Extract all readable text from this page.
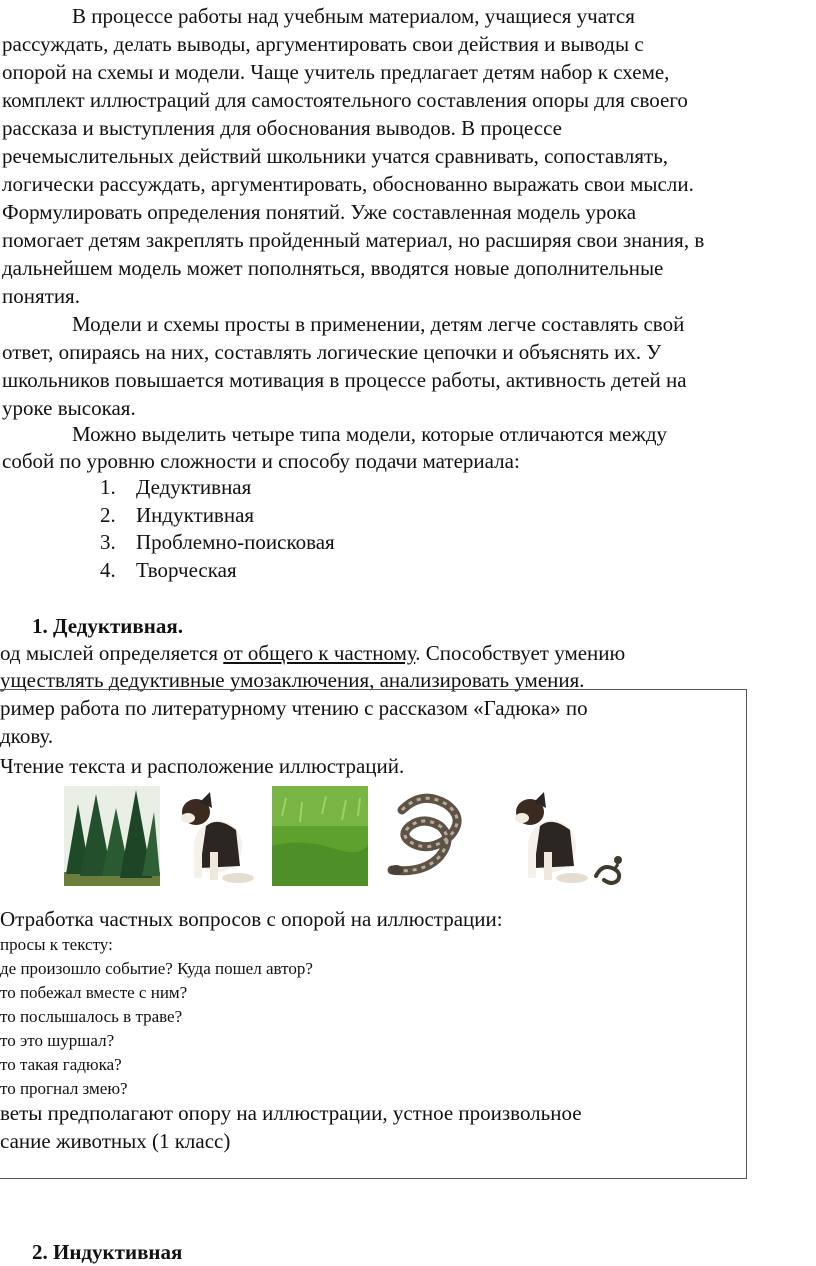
В процессе работы над учебным материалом, учащиеся учатся
рассуждать, делать выводы, аргументировать свои действия и выводы с
опорой на схемы и модели. Чаще учитель предлагает детям набор к схеме,
комплект иллюстраций для самостоятельного составления опоры для своего
рассказа и выступления для обоснования выводов. В процессе
речемыслительных действий школьники учатся сравнивать, сопоставлять,
логически рассуждать, аргументировать, обоснованно выражать свои мысли.
Формулировать определения понятий. Уже составленная модель урока
помогает детям закреплять пройденный материал, но расширяя свои знания, в
дальнейшем модель может пополняться, вводятся новые дополнительные
понятия.
Модели и схемы просты в применении, детям легче составлять свой
ответ, опираясь на них, составлять логические цепочки и объяснять их. У
школьников повышается мотивация в процессе работы, активность детей на
уроке высокая.
Можно выделить четыре типа модели, которые отличаются между
собой по уровню сложности и способу подачи материала:
1. Дедуктивная
2. Индуктивная
3. Проблемно-поисковая
4. Творческая
1. Дедуктивная.
од мыслей определяется от общего к частному. Способствует умению
уществлять дедуктивные умозаключения, анализировать умения.
ример работа по литературному чтению с рассказом «Гадюка» по
дкову.
Чтение текста и расположение иллюстраций.
Отработка частных вопросов с опорой на иллюстрации:
просы к тексту:
де произошло событие? Куда пошел автор?
то побежал вместе с ним?
то послышалось в траве?
то это шуршал?
то такая гадюка?
то прогнал змею?
веты предполагают опору на иллюстрации, устное произвольное
сание животных (1 класс)
2. Индуктивная
